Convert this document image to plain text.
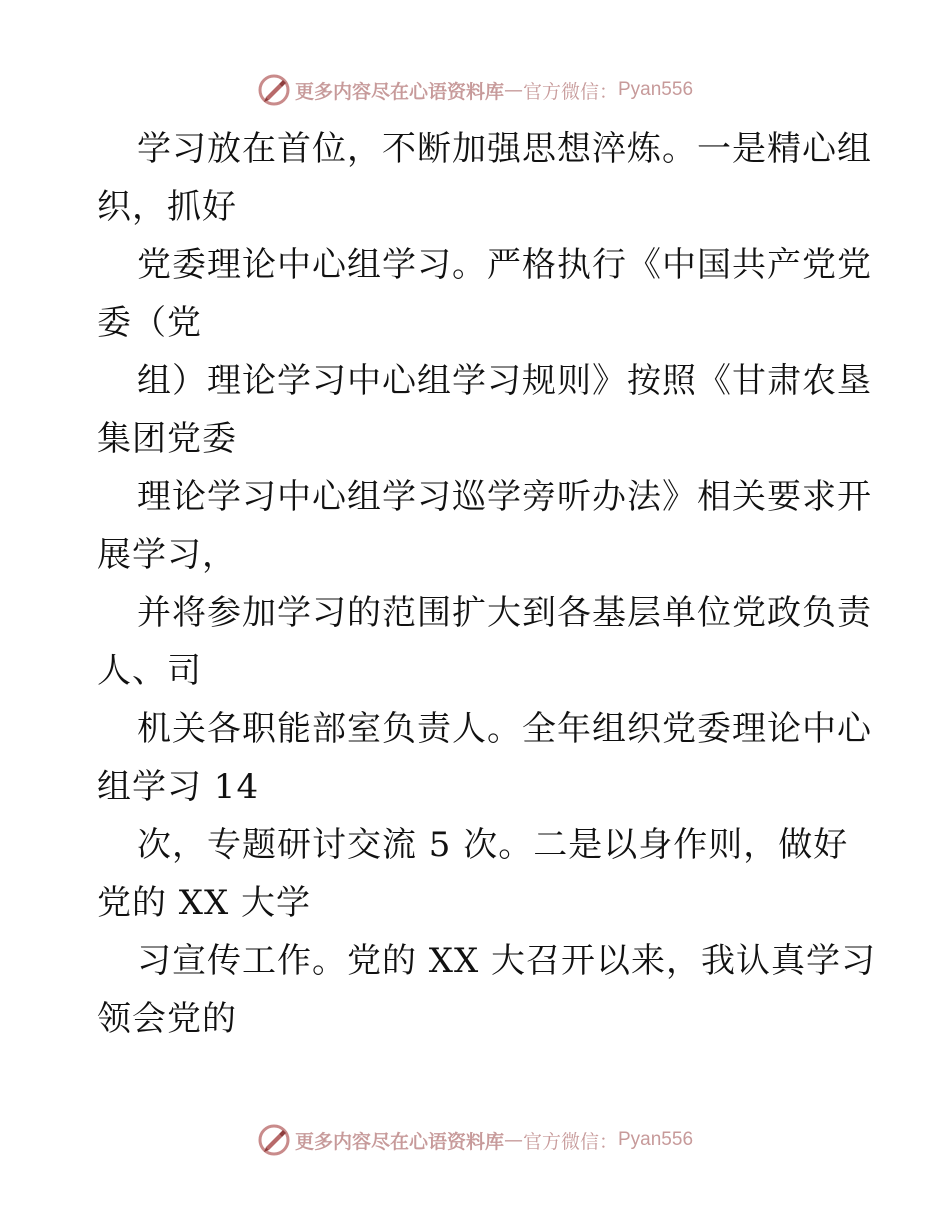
更多内容尽在心语资料库 — 官方微信： Pyan556
学习放在首位，不断加强思想淬炼。一是精心组
织，抓好
党委理论中心组学习。严格执行《中国共产党党
委（党
组）理论学习中心组学习规则》按照《甘肃农垦
集团党委
理论学习中心组学习巡学旁听办法》相关要求开
展学习，
并将参加学习的范围扩大到各基层单位党政负责
人、司
机关各职能部室负责人。全年组织党委理论中心
组学习 14
次，专题研讨交流 5 次。二是以身作则，做好
党的 XX 大学
习宣传工作。党的 XX 大召开以来，我认真学习
领会党的
更多内容尽在心语资料库 — 官方微信： Pyan556
